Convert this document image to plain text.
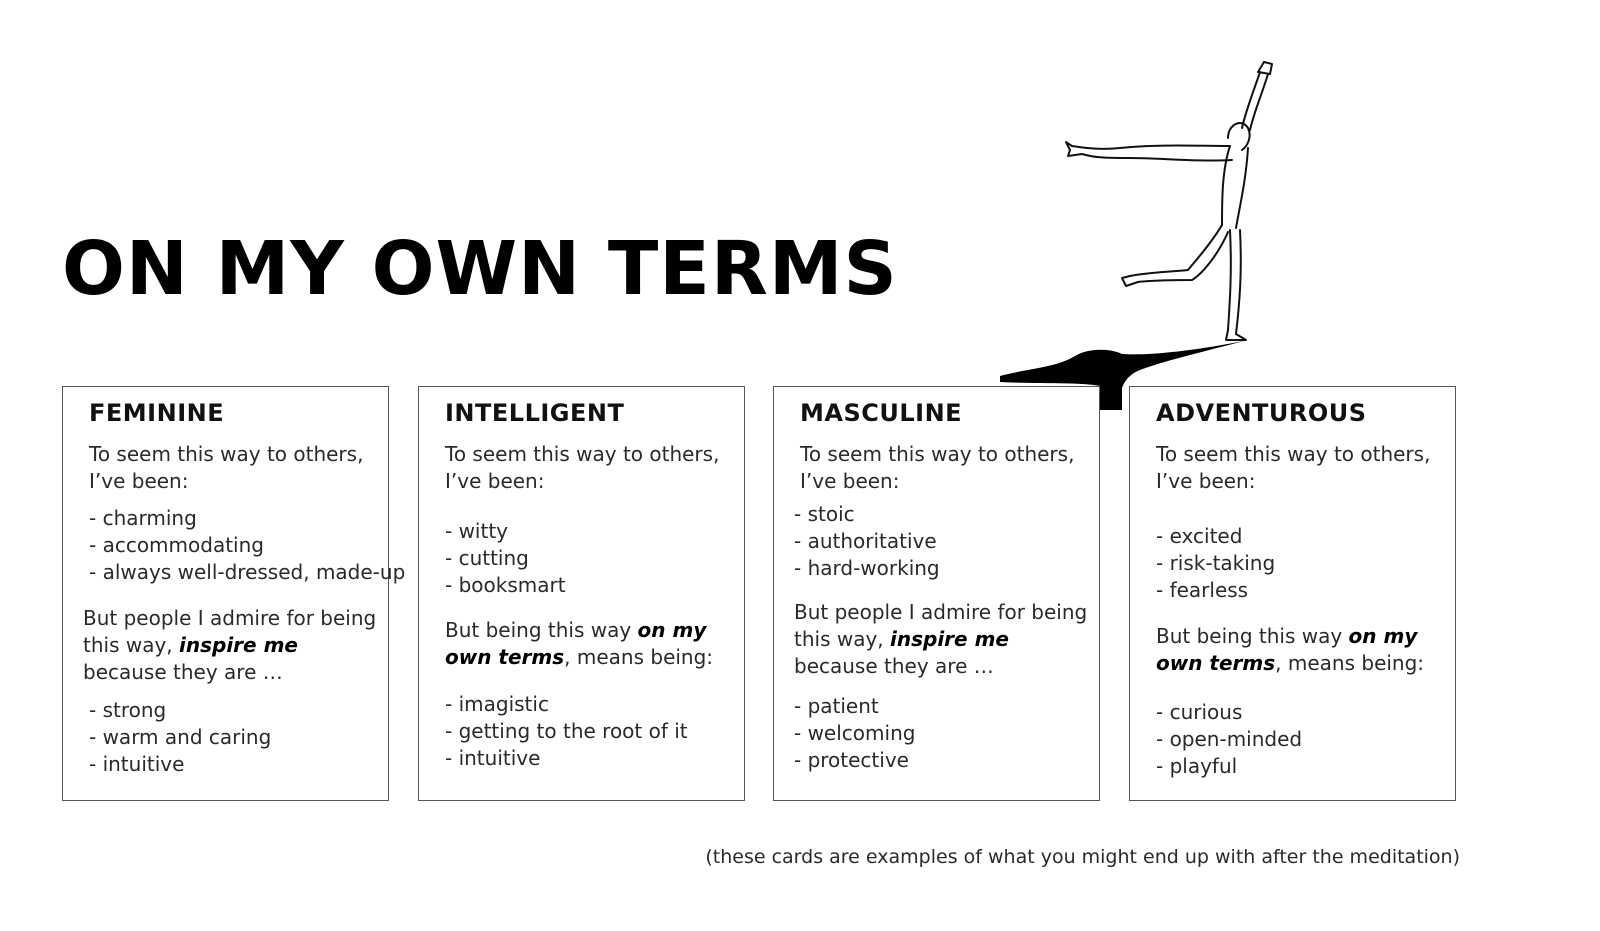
ON MY OWN TERMS
FEMININE

To seem this way to others,
I’ve been:

- charming
- accommodating
- always well-dressed, made-up

But people I admire for being this way, inspire me because they are …

- strong
- warm and caring
- intuitive
INTELLIGENT

To seem this way to others,
I’ve been:

- witty
- cutting
- booksmart

But being this way on my own terms, means being:

- imagistic
- getting to the root of it
- intuitive
MASCULINE

To seem this way to others,
I’ve been:

- stoic
- authoritative
- hard-working

But people I admire for being this way, inspire me because they are …

- patient
- welcoming
- protective
ADVENTUROUS

To seem this way to others,
I’ve been:

- excited
- risk-taking
- fearless

But being this way on my own terms, means being:

- curious
- open-minded
- playful

(these cards are examples of what you might end up with after the meditation)
